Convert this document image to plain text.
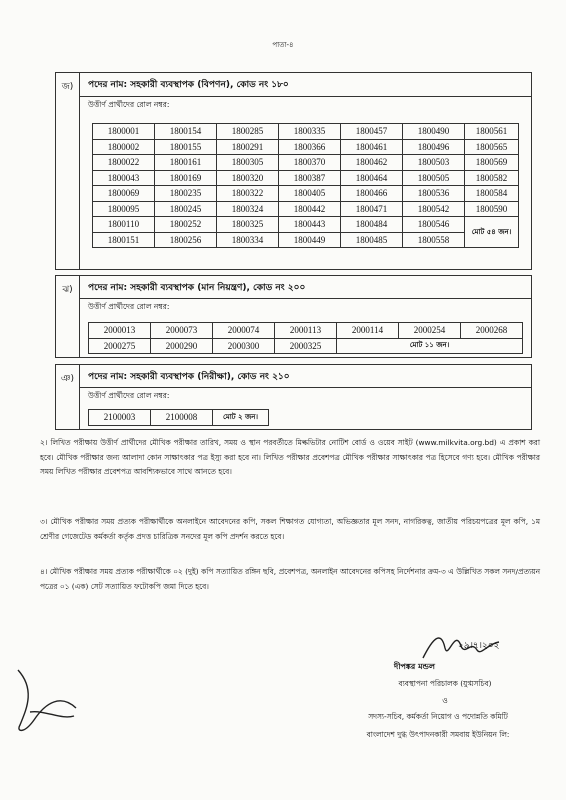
পাতা-৪
জ)	পদের নাম: সহকারী ব্যবস্থাপক (বিপণন), কোড নং ১৮০
উত্তীর্ণ প্রার্থীদের রোল নম্বর:
1800001	1800154	1800285	1800335	1800457	1800490	1800561
1800002	1800155	1800291	1800366	1800461	1800496	1800565
1800022	1800161	1800305	1800370	1800462	1800503	1800569
1800043	1800169	1800320	1800387	1800464	1800505	1800582
1800069	1800235	1800322	1800405	1800466	1800536	1800584
1800095	1800245	1800324	1800442	1800471	1800542	1800590
1800110	1800252	1800325	1800443	1800484	1800546	মোট ৫৪ জন।
1800151	1800256	1800334	1800449	1800485	1800558	
ঝ)	পদের নাম: সহকারী ব্যবস্থাপক (মান নিয়ন্ত্রণ), কোড নং ২০০
উত্তীর্ণ প্রার্থীদের রোল নম্বর:
2000013	2000073	2000074	2000113	2000114	2000254	2000268
2000275	2000290	2000300	2000325	মোট ১১ জন।		
ঞ)	পদের নাম: সহকারী ব্যবস্থাপক (নিরীক্ষা), কোড নং ২১০
উত্তীর্ণ প্রার্থীদের রোল নম্বর:
2100003	2100008	মোট ২ জন।
২। লিখিত পরীক্ষায় উত্তীর্ণ প্রার্থীদের মৌখিক পরীক্ষার তারিখ, সময় ও স্থান পরবর্তীতে মিল্কভিটার নোটিশ বোর্ড ও ওয়েব সাইট (www.milkvita.org.bd) এ প্রকাশ করা হবে। মৌখিক পরীক্ষার জন্য আলাদা কোন সাক্ষাৎকার পত্র ইস্যু করা হবে না। লিখিত পরীক্ষার প্রবেশপত্র মৌখিক পরীক্ষার সাক্ষাৎকার পত্র হিসেবে গণ্য হবে। মৌখিক পরীক্ষার সময় লিখিত পরীক্ষার প্রবেশপত্র আবশ্যিকভাবে সাথে আনতে হবে।
৩। মৌখিক পরীক্ষার সময় প্রত্যক পরীক্ষার্থীকে অনলাইনে আবেদনের কপি, সকল শিক্ষাগত যোগ্যতা, অভিজ্ঞতার মূল সনদ, নাগরিকত্ব, জাতীয় পরিচয়পত্রের মূল কপি, ১ম শ্রেণীর গেজেটেড কর্মকর্তা কর্তৃক প্রদত্ত চারিত্রিক সনদের মূল কপি প্রদর্শন করতে হবে।
৪। মৌখিক পরীক্ষার সময় প্রত্যক পরীক্ষার্থীকে ০২ (দুই) কপি সত্যায়িত রঙ্গিন ছবি, প্রবেশপত্র, অনলাইন আবেদনের কপিসহ নির্দেশনার ক্রম-৩ এ উল্লিখিত সকল সনদ/প্রত্যয়ন পত্রের ০১ (এক) সেট সত্যায়িত ফটোকপি জমা দিতে হবে।
২৯।৭।২০২
দীপঙ্কর মন্ডল
ব্যবস্থাপনা পরিচালক (যুগ্মসচিব)
ও
সদস্য-সচিব, কর্মকর্তা নিয়োগ ও পদোন্নতি কমিটি
বাংলাদেশ দুগ্ধ উৎপাদনকারী সমবায় ইউনিয়ন লি:
